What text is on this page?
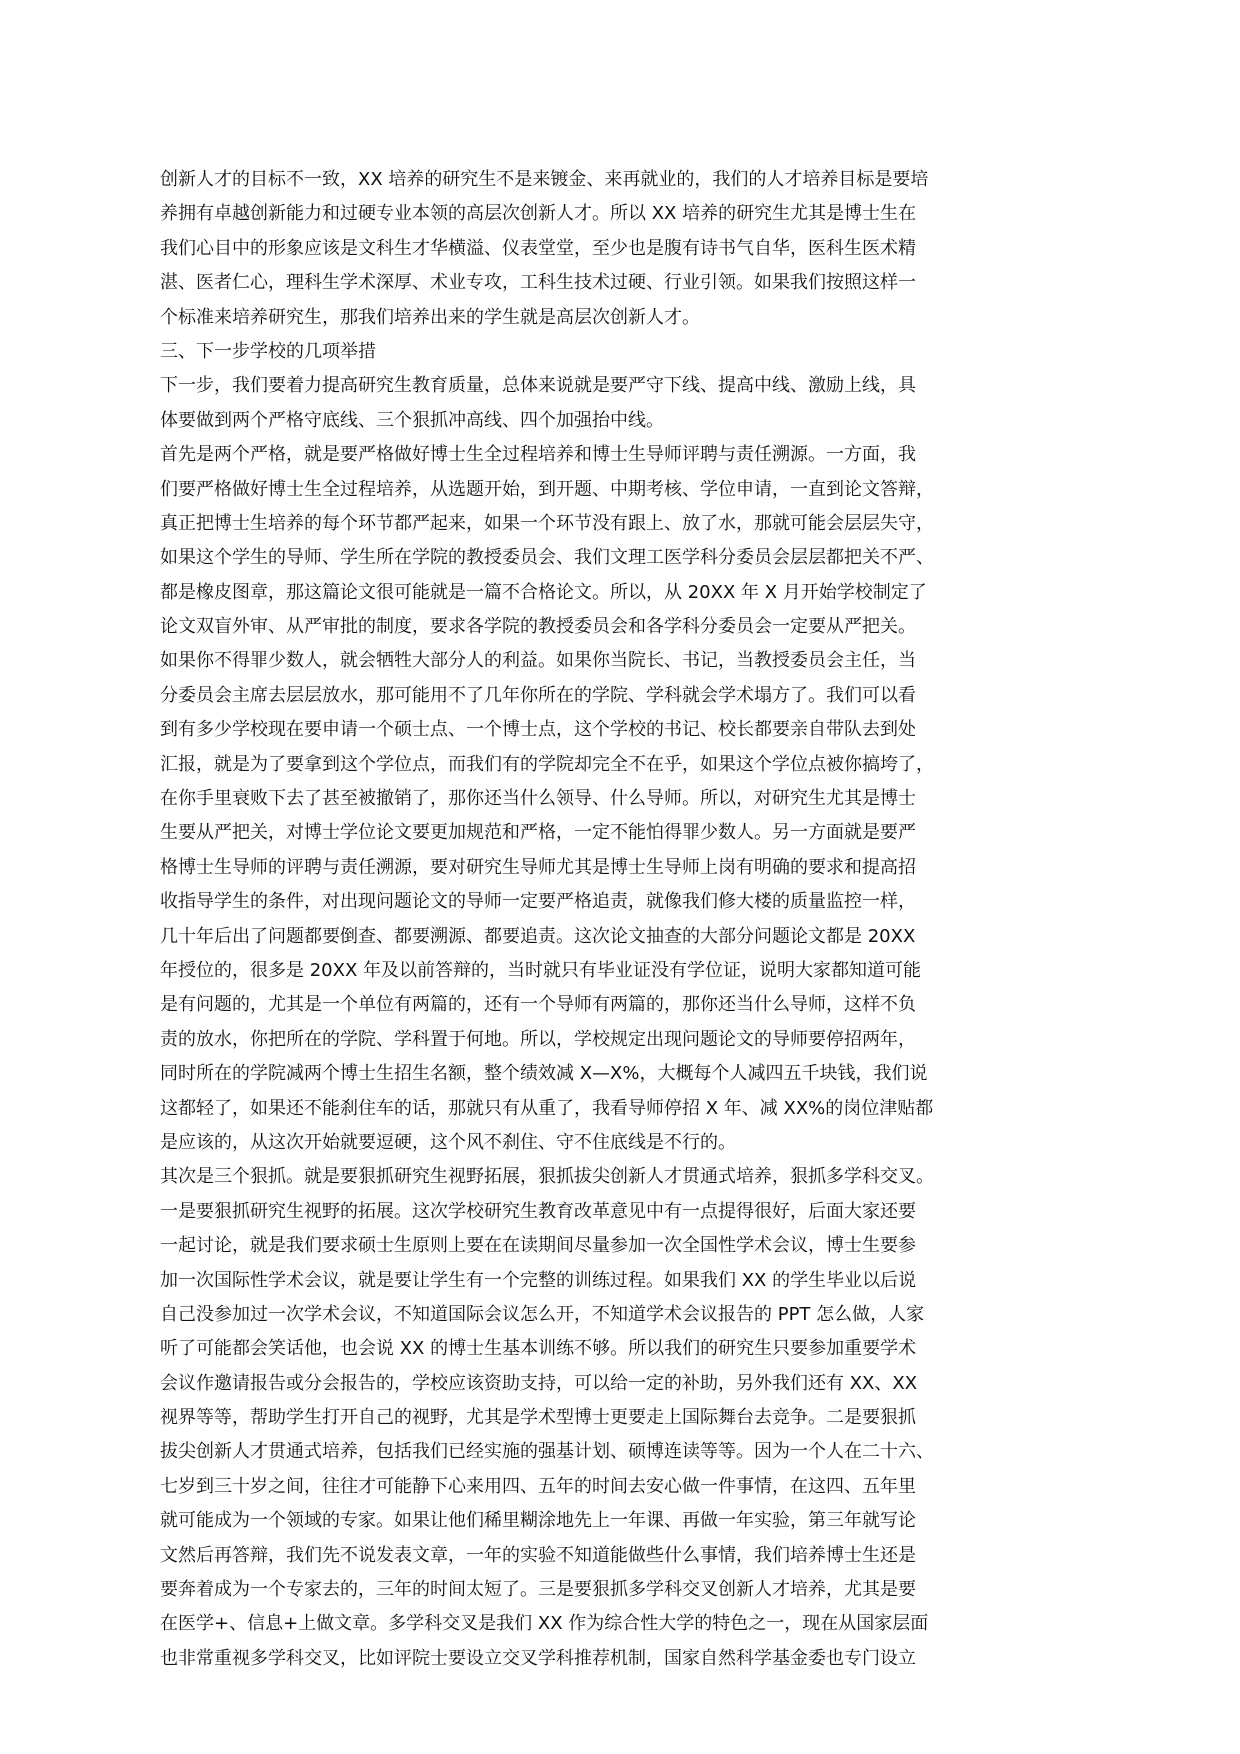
创新人才的目标不一致，XX 培养的研究生不是来镀金、来再就业的，我们的人才培养目标是要培
养拥有卓越创新能力和过硬专业本领的高层次创新人才。所以 XX 培养的研究生尤其是博士生在
我们心目中的形象应该是文科生才华横溢、仪表堂堂，至少也是腹有诗书气自华，医科生医术精
湛、医者仁心，理科生学术深厚、术业专攻，工科生技术过硬、行业引领。如果我们按照这样一
个标准来培养研究生，那我们培养出来的学生就是高层次创新人才。
三、下一步学校的几项举措
下一步，我们要着力提高研究生教育质量，总体来说就是要严守下线、提高中线、激励上线，具
体要做到两个严格守底线、三个狠抓冲高线、四个加强抬中线。
首先是两个严格，就是要严格做好博士生全过程培养和博士生导师评聘与责任溯源。一方面，我
们要严格做好博士生全过程培养，从选题开始，到开题、中期考核、学位申请，一直到论文答辩，
真正把博士生培养的每个环节都严起来，如果一个环节没有跟上、放了水，那就可能会层层失守，
如果这个学生的导师、学生所在学院的教授委员会、我们文理工医学科分委员会层层都把关不严、
都是橡皮图章，那这篇论文很可能就是一篇不合格论文。所以，从 20XX 年 X 月开始学校制定了
论文双盲外审、从严审批的制度，要求各学院的教授委员会和各学科分委员会一定要从严把关。
如果你不得罪少数人，就会牺牲大部分人的利益。如果你当院长、书记，当教授委员会主任，当
分委员会主席去层层放水，那可能用不了几年你所在的学院、学科就会学术塌方了。我们可以看
到有多少学校现在要申请一个硕士点、一个博士点，这个学校的书记、校长都要亲自带队去到处
汇报，就是为了要拿到这个学位点，而我们有的学院却完全不在乎，如果这个学位点被你搞垮了，
在你手里衰败下去了甚至被撤销了，那你还当什么领导、什么导师。所以，对研究生尤其是博士
生要从严把关，对博士学位论文要更加规范和严格，一定不能怕得罪少数人。另一方面就是要严
格博士生导师的评聘与责任溯源，要对研究生导师尤其是博士生导师上岗有明确的要求和提高招
收指导学生的条件，对出现问题论文的导师一定要严格追责，就像我们修大楼的质量监控一样，
几十年后出了问题都要倒查、都要溯源、都要追责。这次论文抽查的大部分问题论文都是 20XX
年授位的，很多是 20XX 年及以前答辩的，当时就只有毕业证没有学位证，说明大家都知道可能
是有问题的，尤其是一个单位有两篇的，还有一个导师有两篇的，那你还当什么导师，这样不负
责的放水，你把所在的学院、学科置于何地。所以，学校规定出现问题论文的导师要停招两年，
同时所在的学院减两个博士生招生名额，整个绩效减 X—X%，大概每个人减四五千块钱，我们说
这都轻了，如果还不能刹住车的话，那就只有从重了，我看导师停招 X 年、减 XX%的岗位津贴都
是应该的，从这次开始就要逗硬，这个风不刹住、守不住底线是不行的。
其次是三个狠抓。就是要狠抓研究生视野拓展，狠抓拔尖创新人才贯通式培养，狠抓多学科交叉。
一是要狠抓研究生视野的拓展。这次学校研究生教育改革意见中有一点提得很好，后面大家还要
一起讨论，就是我们要求硕士生原则上要在在读期间尽量参加一次全国性学术会议，博士生要参
加一次国际性学术会议，就是要让学生有一个完整的训练过程。如果我们 XX 的学生毕业以后说
自己没参加过一次学术会议，不知道国际会议怎么开，不知道学术会议报告的 PPT 怎么做，人家
听了可能都会笑话他，也会说 XX 的博士生基本训练不够。所以我们的研究生只要参加重要学术
会议作邀请报告或分会报告的，学校应该资助支持，可以给一定的补助，另外我们还有 XX、XX
视界等等，帮助学生打开自己的视野，尤其是学术型博士更要走上国际舞台去竞争。二是要狠抓
拔尖创新人才贯通式培养，包括我们已经实施的强基计划、硕博连读等等。因为一个人在二十六、
七岁到三十岁之间，往往才可能静下心来用四、五年的时间去安心做一件事情，在这四、五年里
就可能成为一个领域的专家。如果让他们稀里糊涂地先上一年课、再做一年实验，第三年就写论
文然后再答辩，我们先不说发表文章，一年的实验不知道能做些什么事情，我们培养博士生还是
要奔着成为一个专家去的，三年的时间太短了。三是要狠抓多学科交叉创新人才培养，尤其是要
在医学+、信息+上做文章。多学科交叉是我们 XX 作为综合性大学的特色之一，现在从国家层面
也非常重视多学科交叉，比如评院士要设立交叉学科推荐机制，国家自然科学基金委也专门设立
